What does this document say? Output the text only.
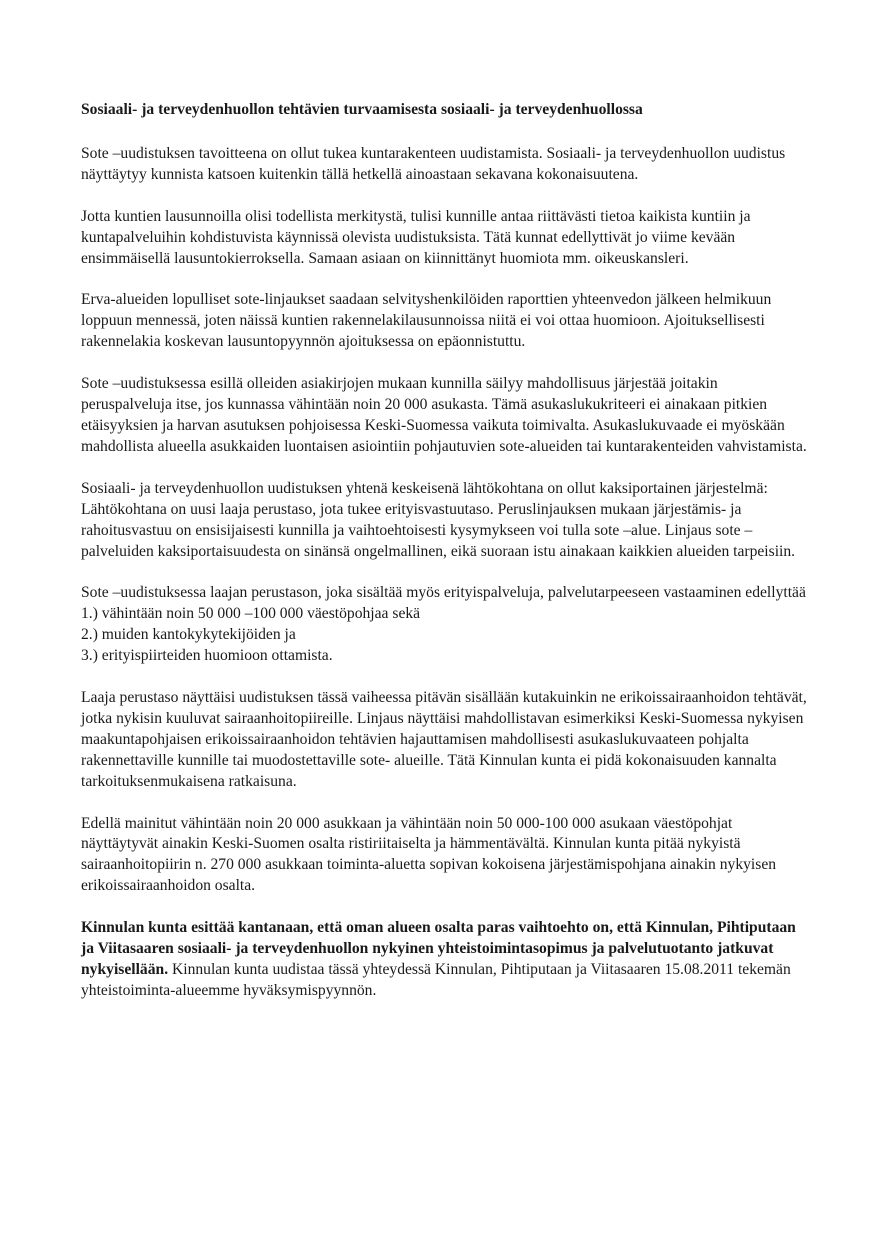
Sosiaali- ja terveydenhuollon tehtävien turvaamisesta sosiaali- ja terveydenhuollossa

Sote –uudistuksen tavoitteena on ollut tukea kuntarakenteen uudistamista. Sosiaali- ja terveydenhuollon uudistus näyttäytyy kunnista katsoen kuitenkin tällä hetkellä ainoastaan sekavana kokonaisuutena.

Jotta kuntien lausunnoilla olisi todellista merkitystä, tulisi kunnille antaa riittävästi tietoa kaikista kuntiin ja kuntapalveluihin kohdistuvista käynnissä olevista uudistuksista. Tätä kunnat edellyttivät jo viime kevään ensimmäisellä lausuntokierroksella. Samaan asiaan on kiinnittänyt huomiota mm. oikeuskansleri.

Erva-alueiden lopulliset sote-linjaukset saadaan selvityshenkilöiden raporttien yhteenvedon jälkeen helmikuun loppuun mennessä, joten näissä kuntien rakennelakilausunnoissa niitä ei voi ottaa huomioon. Ajoituksellisesti rakennelakia koskevan lausuntopyynnön ajoituksessa on epäonnistuttu.

Sote –uudistuksessa esillä olleiden asiakirjojen mukaan kunnilla säilyy mahdollisuus järjestää joitakin peruspalveluja itse, jos kunnassa vähintään noin 20 000 asukasta. Tämä asukaslukukriteeri ei ainakaan pitkien etäisyyksien ja harvan asutuksen pohjoisessa Keski-Suomessa vaikuta toimivalta. Asukaslukuvaade ei myöskään mahdollista alueella asukkaiden luontaisen asiointiin pohjautuvien sote-alueiden tai kuntarakenteiden vahvistamista.

Sosiaali- ja terveydenhuollon uudistuksen yhtenä keskeisenä lähtökohtana on ollut kaksiportainen järjestelmä: Lähtökohtana on uusi laaja perustaso, jota tukee erityisvastuutaso. Peruslinjauksen mukaan järjestämis- ja rahoitusvastuu on ensisijaisesti kunnilla ja vaihtoehtoisesti kysymykseen voi tulla sote –alue. Linjaus sote –palveluiden kaksiportaisuudesta on sinänsä ongelmallinen, eikä suoraan istu ainakaan kaikkien alueiden tarpeisiin.

Sote –uudistuksessa laajan perustason, joka sisältää myös erityispalveluja, palvelutarpeeseen vastaaminen edellyttää
1.) vähintään noin 50 000 –100 000 väestöpohjaa sekä
2.) muiden kantokykytekijöiden ja
3.) erityispiirteiden huomioon ottamista.

Laaja perustaso näyttäisi uudistuksen tässä vaiheessa pitävän sisällään kutakuinkin ne erikoissairaanhoidon tehtävät, jotka nykisin kuuluvat sairaanhoitopiireille. Linjaus näyttäisi mahdollistavan esimerkiksi Keski-Suomessa nykyisen maakuntapohjaisen erikoissairaanhoidon tehtävien hajauttamisen mahdollisesti asukaslukuvaateen pohjalta rakennettaville kunnille tai muodostettaville sote- alueille. Tätä Kinnulan kunta ei pidä kokonaisuuden kannalta tarkoituksenmukaisena ratkaisuna.

Edellä mainitut vähintään noin 20 000 asukkaan ja vähintään noin 50 000-100 000 asukaan väestöpohjat näyttäytyvät ainakin Keski-Suomen osalta ristiriitaiselta ja hämmentävältä. Kinnulan kunta pitää nykyistä sairaanhoitopiirin n. 270 000 asukkaan toiminta-aluetta sopivan kokoisena järjestämispohjana ainakin nykyisen erikoissairaanhoidon osalta.

Kinnulan kunta esittää kantanaan, että oman alueen osalta paras vaihtoehto on, että Kinnulan, Pihtiputaan ja Viitasaaren sosiaali- ja terveydenhuollon nykyinen yhteistoimintasopimus ja palvelutuotanto jatkuvat nykyisellään. Kinnulan kunta uudistaa tässä yhteydessä Kinnulan, Pihtiputaan ja Viitasaaren 15.08.2011 tekemän yhteistoiminta-alueemme hyväksymispyynnön.
